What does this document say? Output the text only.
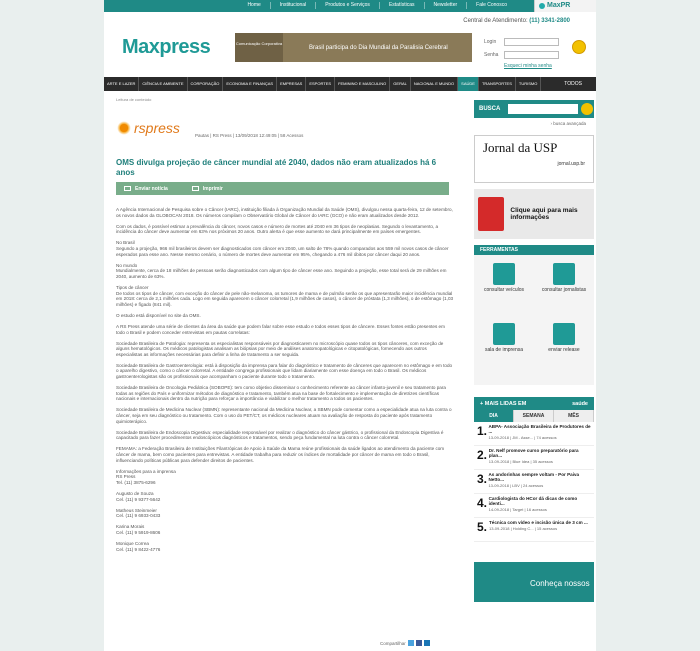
Home	Institucional	Produtos e Serviços	Estatísticas	Newsletter	Fale Conosco	MaxPR
Central de Atendimento: (11) 3341-2800
Maxpress	Comunicação Corporativa
Brasil participa do Dia Mundial da Paralisia Cerebral
Login
Senha
Esqueci minha senha
ARTE E LAZER	CIÊNCIA E AMBIENTE	CORPORAÇÃO	ECONOMIA E FINANÇAS	EMPRESAS	ESPORTES	FEMININO E MASCULINO	GERAL	NACIONAL E MUNDO	SAÚDE	TRANSPORTES	TURISMO	TODOS
Leitura de conteúdo
rspress	Pautas | RS Press | 13/09/2018 12:49:05 | 58 Acessos
OMS divulga projeção de câncer mundial até 2040, dados não eram atualizados há 6 anos
Enviar notícia	Imprimir

A Agência Internacional de Pesquisa sobre o Câncer (IARC), instituição filiada à Organização Mundial da Saúde (OMS), divulgou nessa quarta-feira, 12 de setembro, os novos dados da GLOBOCAN 2018. Os números compilam o Observatório Global de Câncer do IARC (GCO) e não eram atualizados desde 2012.

Com os dados, é possível estimar a prevalência do câncer, novos casos e número de mortes até 2040 em 36 tipos de neoplasias. Segundo o levantamento, a incidência do câncer deve aumentar em 63% nos próximos 20 anos. Outro alerta é que esse aumento se dará principalmente em países emergentes.

No Brasil
Segundo a projeção, 966 mil brasileiros devem ser diagnosticados com câncer em 2040, um salto de 78% quando comparados aos 559 mil novos casos de câncer esperados para esse ano. Nesse mesmo cenário, o número de mortes deve aumentar em 95%, chegando a 476 mil óbitos por câncer daqui 20 anos.

No mundo
Mundialmente, cerca de 18 milhões de pessoas serão diagnosticados com algum tipo de câncer esse ano. Seguindo a projeção, esse total será de 29 milhões em 2040, aumento de 63%.

Tipos de câncer
De todos os tipos de câncer, com exceção do câncer de pele não-melanoma, os tumores de mama e de pulmão serão os que apresentarão maior incidência mundial em 2018: cerca de 2,1 milhões cada. Logo em seguida aparecem o câncer colorretal (1,9 milhões de casos), o câncer de próstata (1,3 milhões), o de estômago (1,03 milhões) e fígado (841 mil).

O estudo está disponível no site da OMS.

A RS Press atende uma série de clientes da área da saúde que podem falar sobre esse estudo e todos esses tipos de câncere. Esses fontes estão presentes em todo o Brasil e podem conceder entrevistas em pautas correlatas:

Sociedade Brasileira de Patologia: representa os especialistas responsáveis por diagnosticarem no microscópio quase todos os tipos cânceres, com exceção de alguns hematológicos. Os médicos patologistas analisam as biópsias por meio de análises anatomopatológicas e citopatológicas, fornecendo aos outros especialistas as informações necessárias para definir a linha de tratamento a ser seguida.

Sociedade Brasileira de Gastroenterologia: está à disposição da imprensa para falar do diagnóstico e tratamento de cânceres que aparecem no estômago e em todo o aparelho digestivo, como o câncer colorretal. A entidade congrega profissionais que lidam diariamente com esse doença em todo o Brasil. Os médicos gastroenterologistas são os profissionais que acompanham o paciente durante todo o tratamento.

Sociedade Brasileira de Oncologia Pediátrica (SOBOPE): tem como objetivo disseminar o conhecimento referente ao câncer infanto-juvenil e seu tratamento para todas as regiões do País e uniformizar métodos de diagnóstico e tratamento, também atua na base de fortalecimento e implementação de diretrizes científicas nacionais e internacionais dentro da nutrição para reforçar a importância e viabilizar o melhor tratamento a todos os pacientes.

Sociedade Brasileira de Medicina Nuclear (SBMN): representante nacional da Medicina Nuclear, a SBMN pode comentar como a especialidade atua na luta contra o câncer, seja em seu diagnóstico ou tratamento. Com o uso do PET/CT, os médicos nucleares atuam na avaliação de resposta do paciente após tratamento quimioterápico.

Sociedade Brasileira de Endoscopia Digestiva: especialidade responsável por realizar o diagnóstico do câncer gástrico, o profissional da Endoscopia Digestiva é capacitado para fazer procedimentos endoscópicos diagnósticos e tratamentos, sendo peça fundamental na luta contra o câncer colorretal.

FEMAMA: a Federação Brasileira de Instituições Filantrópicas de Apoio à Saúde da Mama reúne profissionais da saúde ligados ao atendimento da paciente com câncer de mama, bem como pacientes para entrevistas. A entidade trabalha para reduzir os índices de mortalidade por câncer de mama em todo o Brasil, influenciando políticas públicas para defender direitos de pacientes.

Informações para a imprensa
RS Press
Tel. (11) 3875-6296

Augusto de Souza
Cel. (11) 9 9377-5642

Matheus Steinmeier
Cel. (11) 9 6933-0433

Karina Morais
Cel. (11) 9 5919-8606

Monique Correa
Cel. (11) 9 8422-4776

Compartilhar
BUSCA
› busca avançada
Jornal da USP
jornal.usp.br
Clique aqui para mais informações
FERRAMENTAS
consultar veículos	consultar jornalistas
sala de imprensa	enviar release
+ MAIS LIDAS EM	saúde
DIA	SEMANA	MÊS
1. ABPA- Associação Brasileira de Produtores de ...
13-09-2018 | JM - Asse... | 74 acessos
2. Dr. Nelf promove curso preparatório para plan...
13-09-2018 | Blue Idea | 35 acessos
3. As andorinhas sempre voltam - Por Paiva Netto...
13-09-2018 | LBV | 24 acessos
4. Cardiologista do HCor dá dicas de como identi...
14-09-2018 | Target | 16 acessos
5. Técnica com vídeo e incisão única de 3 cm ...
13-09-2018 | Holding C... | 15 acessos
Conheça nossos
